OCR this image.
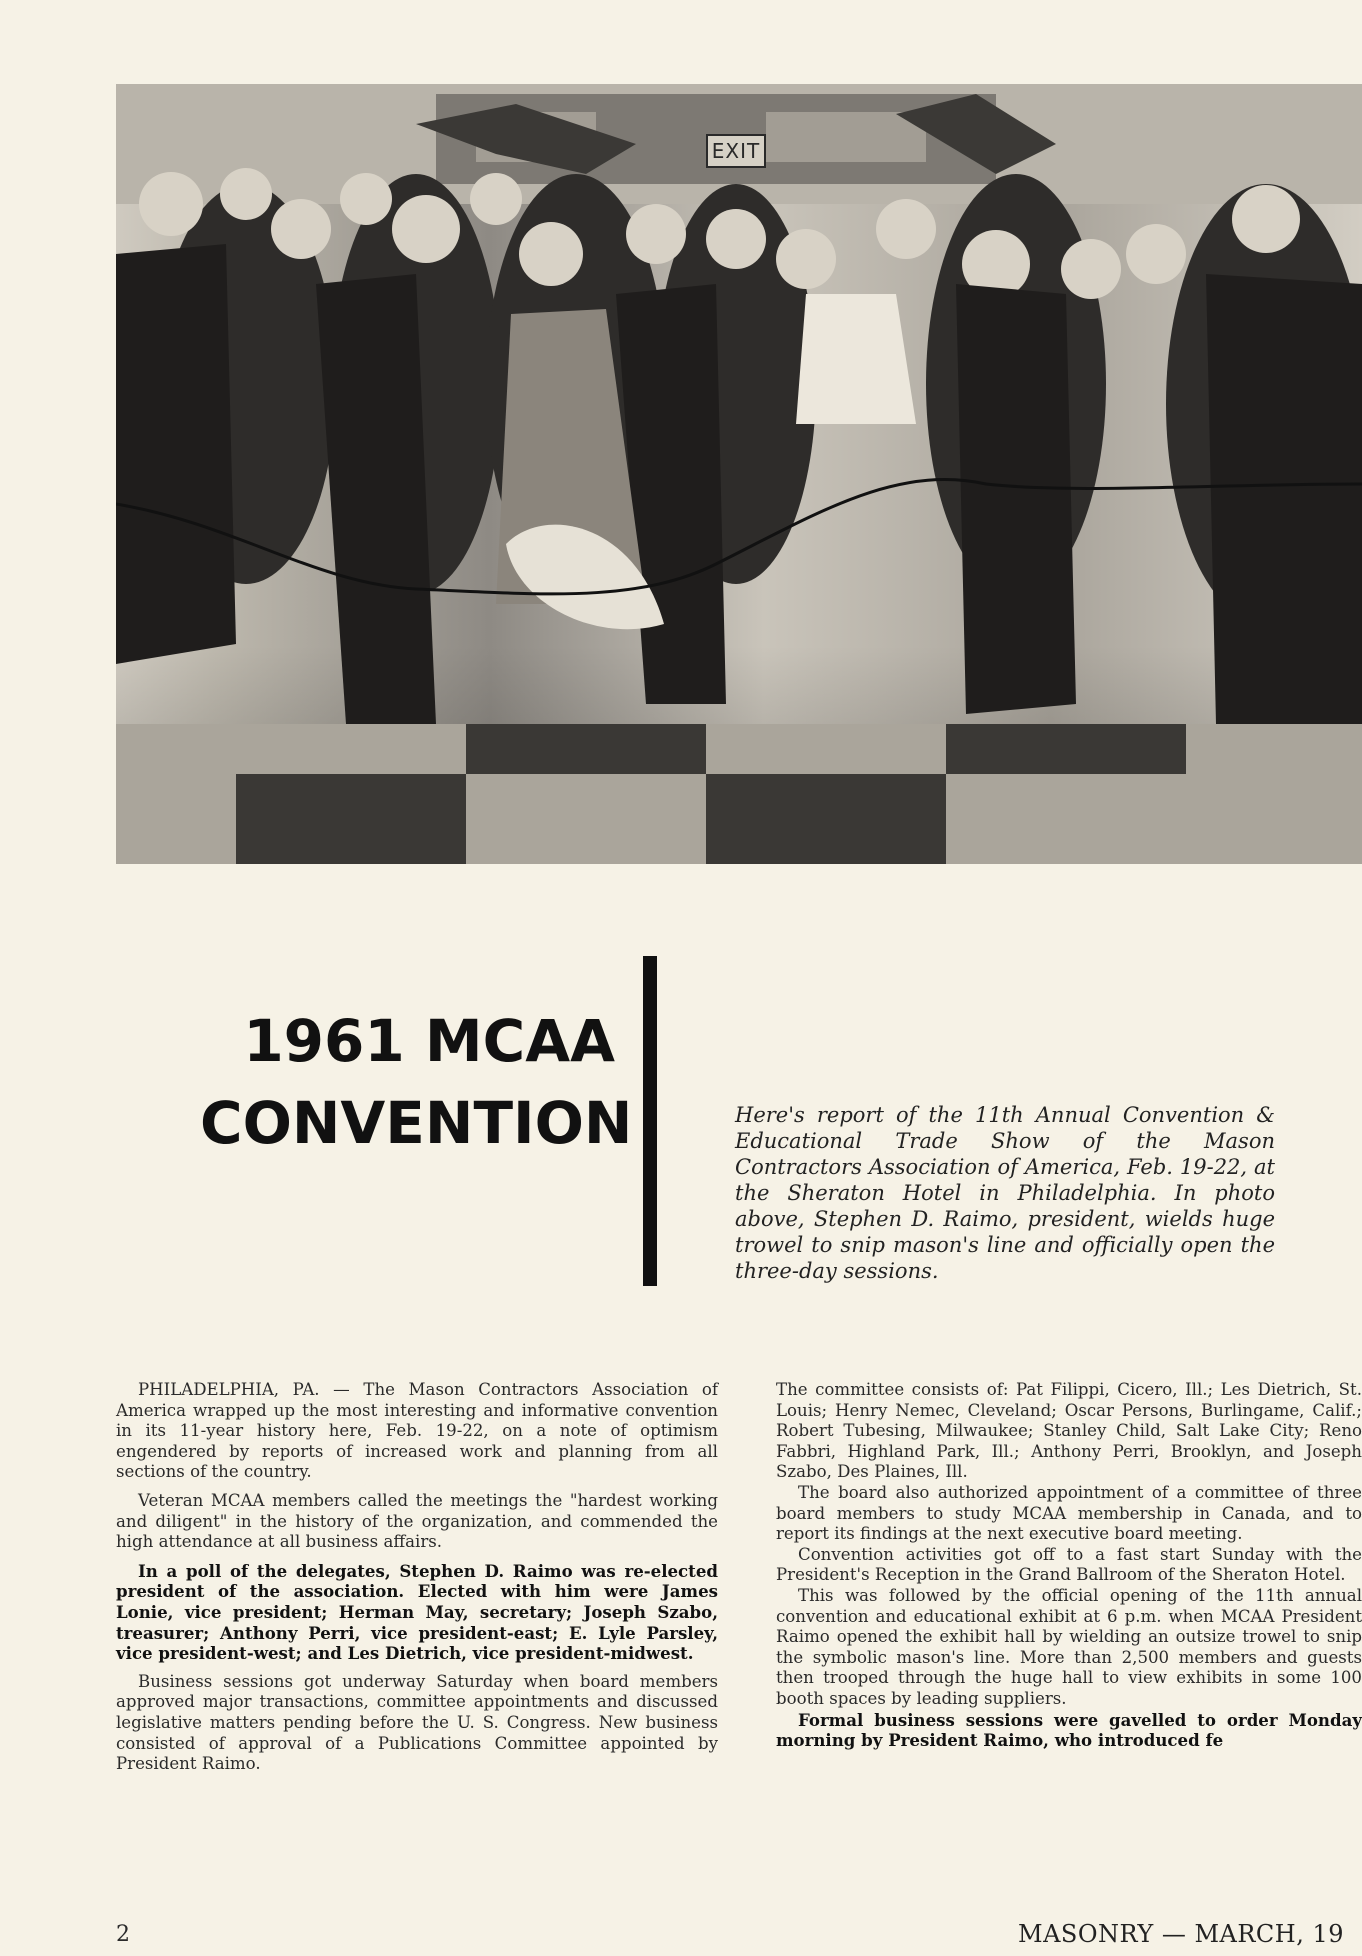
EXIT
1961 MCAA
CONVENTION	Here's report of the 11th Annual Convention & Educational Trade Show of the Mason Contractors Association of America, Feb. 19-22, at the Sheraton Hotel in Philadelphia. In photo above, Stephen D. Raimo, president, wields huge trowel to snip mason's line and officially open the three-day sessions.

PHILADELPHIA, PA. — The Mason Contractors Association of America wrapped up the most interesting and informative convention in its 11-year history here, Feb. 19-22, on a note of optimism engendered by reports of increased work and planning from all sections of the country.

Veteran MCAA members called the meetings the "hardest working and diligent" in the history of the organization, and commended the high attendance at all business affairs.

In a poll of the delegates, Stephen D. Raimo was re-elected president of the association. Elected with him were James Lonie, vice president; Herman May, secretary; Joseph Szabo, treasurer; Anthony Perri, vice president-east; E. Lyle Parsley, vice president-west; and Les Dietrich, vice president-midwest.

Business sessions got underway Saturday when board members approved major transactions, committee appointments and discussed legislative matters pending before the U. S. Congress. New business consisted of approval of a Publications Committee appointed by President Raimo.

The committee consists of: Pat Filippi, Cicero, Ill.; Les Dietrich, St. Louis; Henry Nemec, Cleveland; Oscar Persons, Burlingame, Calif.; Robert Tubesing, Milwaukee; Stanley Child, Salt Lake City; Reno Fabbri, Highland Park, Ill.; Anthony Perri, Brooklyn, and Joseph Szabo, Des Plaines, Ill.

The board also authorized appointment of a committee of three board members to study MCAA membership in Canada, and to report its findings at the next executive board meeting.

Convention activities got off to a fast start Sunday with the President's Reception in the Grand Ballroom of the Sheraton Hotel.

This was followed by the official opening of the 11th annual convention and educational exhibit at 6 p.m. when MCAA President Raimo opened the exhibit hall by wielding an outsize trowel to snip the symbolic mason's line. More than 2,500 members and guests then trooped through the huge hall to view exhibits in some 100 booth spaces by leading suppliers.

Formal business sessions were gavelled to order Monday morning by President Raimo, who introduced fe

2	MASONRY — MARCH, 19
